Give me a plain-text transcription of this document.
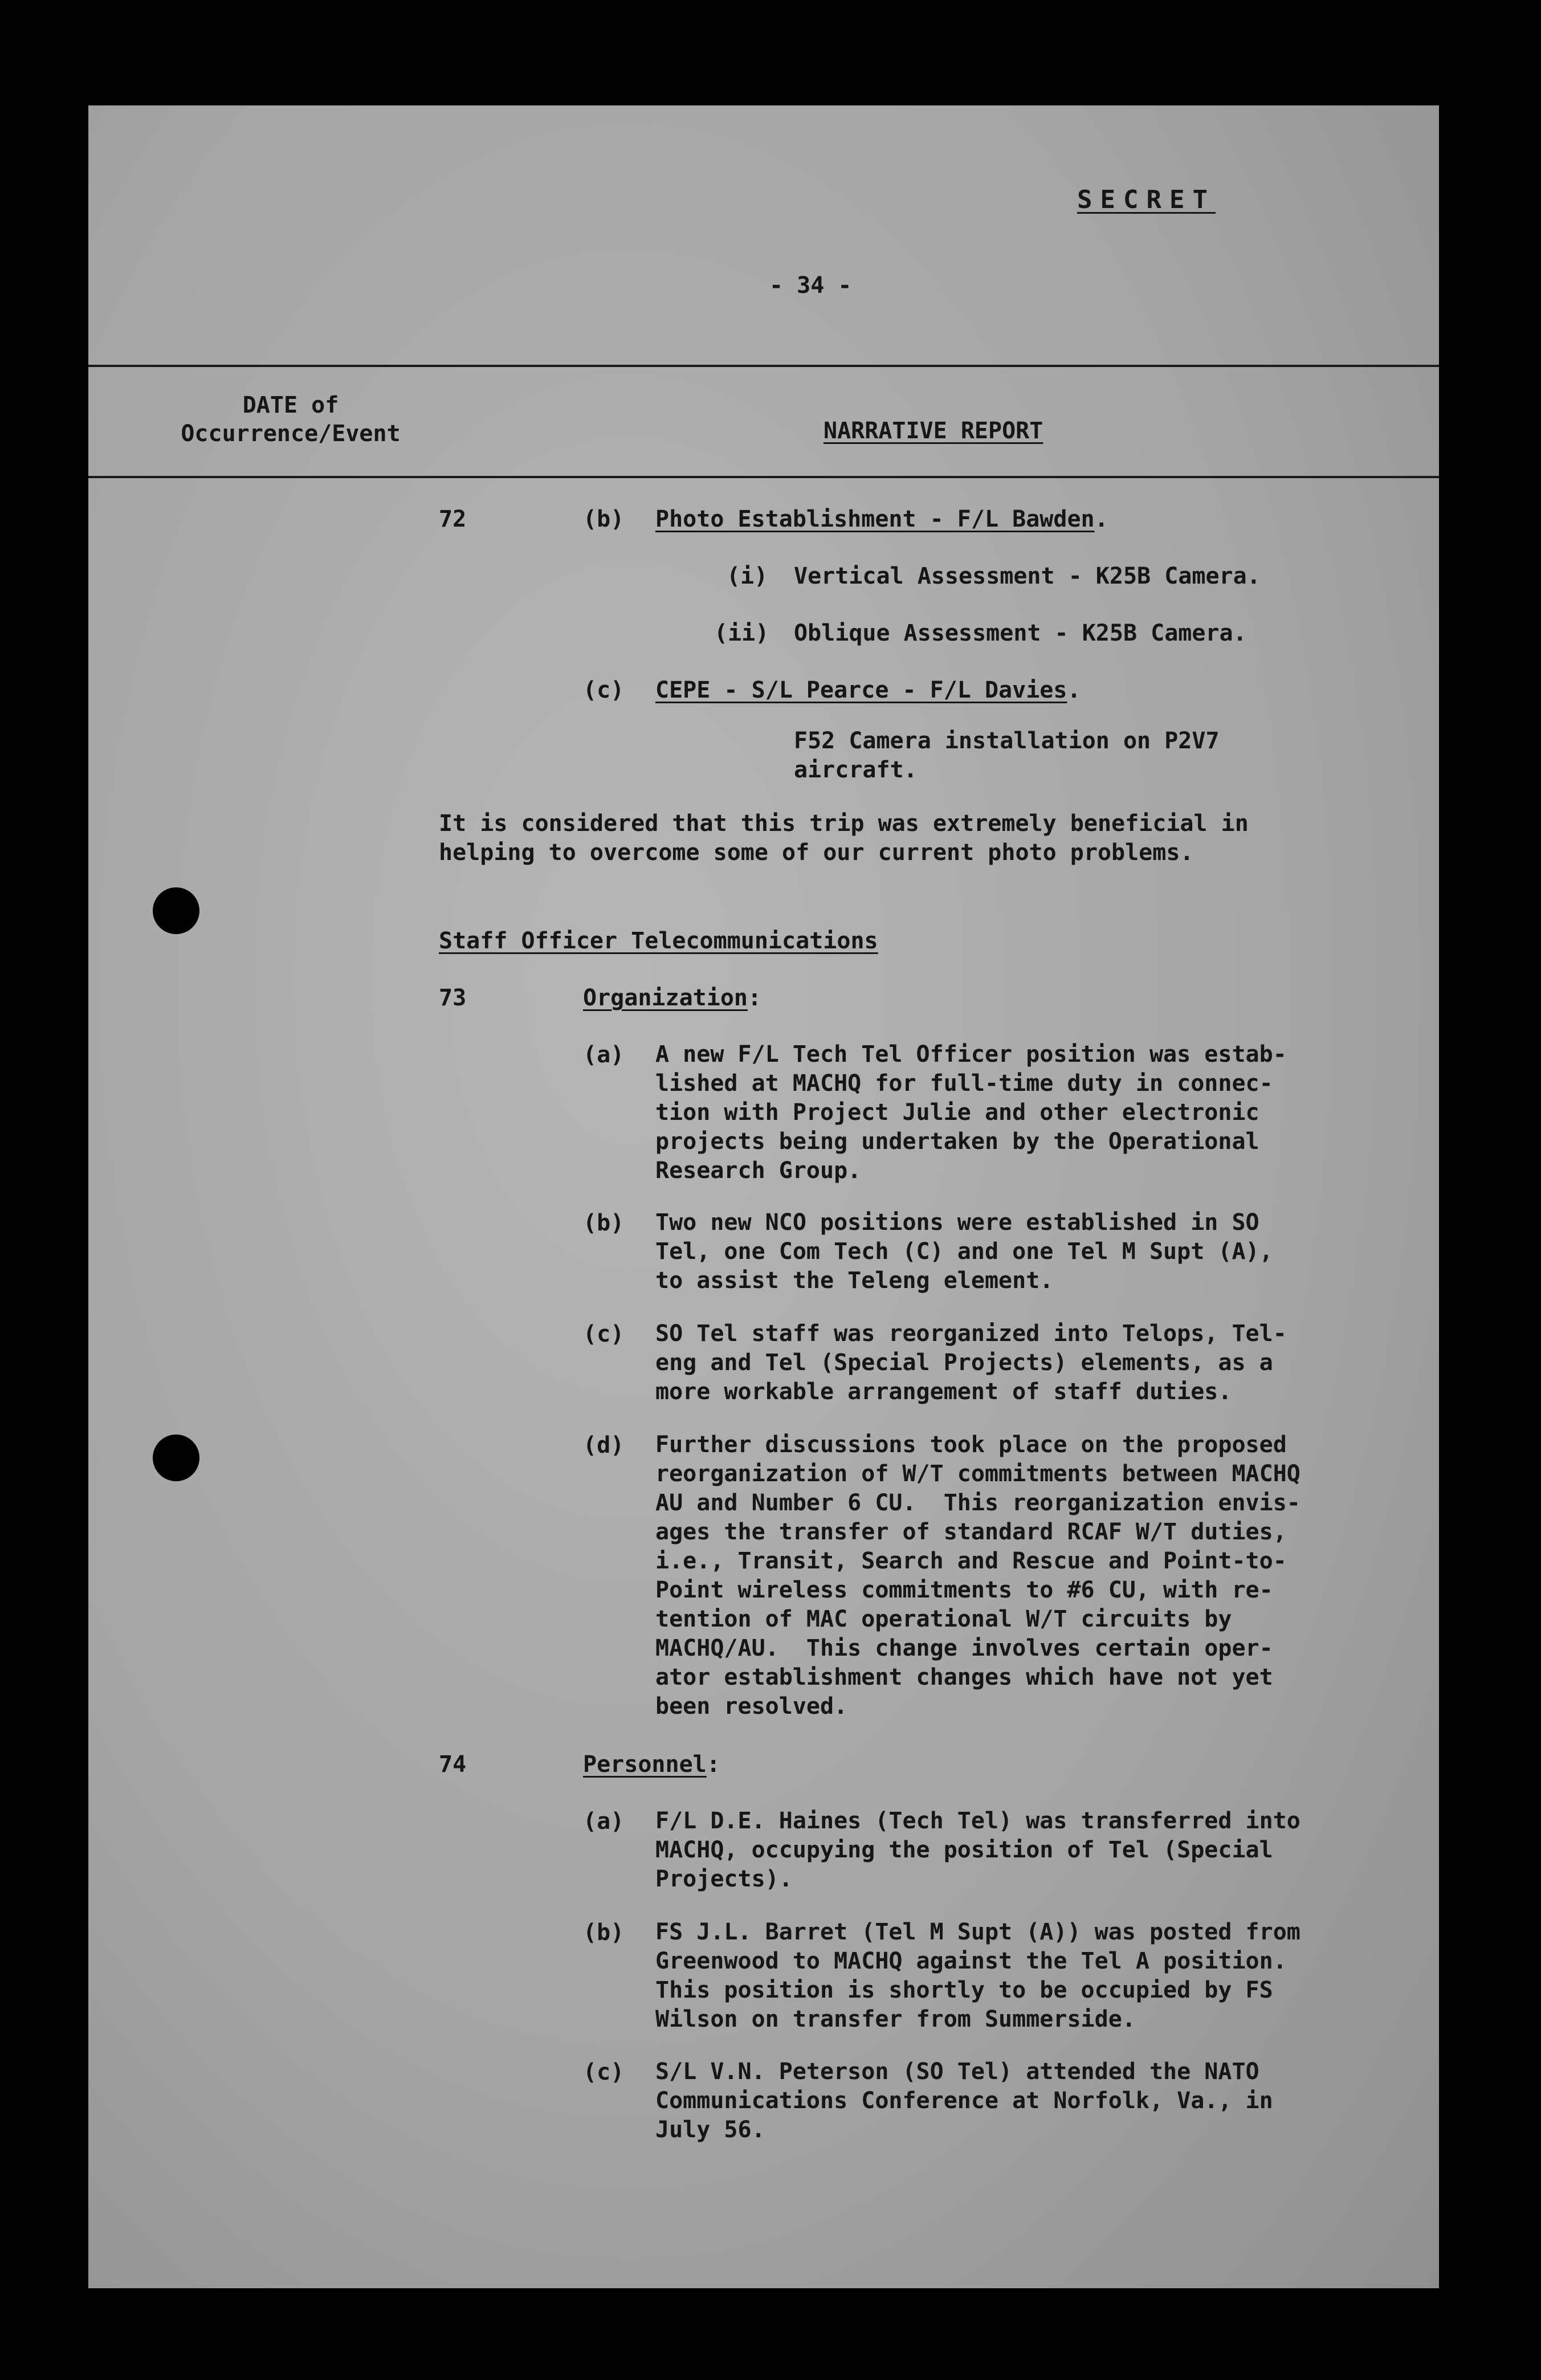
SECRET
- 34 -
DATE of
Occurrence/Event	NARRATIVE REPORT
72	(b) Photo Establishment - F/L Bawden.
(i) Vertical Assessment - K25B Camera.
(ii) Oblique Assessment - K25B Camera.
(c) CEPE - S/L Pearce - F/L Davies.
F52 Camera installation on P2V7
aircraft.
It is considered that this trip was extremely beneficial in
helping to overcome some of our current photo problems.
Staff Officer Telecommunications
73	Organization:
(a) A new F/L Tech Tel Officer position was estab-
lished at MACHQ for full-time duty in connec-
tion with Project Julie and other electronic
projects being undertaken by the Operational
Research Group.
(b) Two new NCO positions were established in SO
Tel, one Com Tech (C) and one Tel M Supt (A),
to assist the Teleng element.
(c) SO Tel staff was reorganized into Telops, Tel-
eng and Tel (Special Projects) elements, as a
more workable arrangement of staff duties.
(d) Further discussions took place on the proposed
reorganization of W/T commitments between MACHQ
AU and Number 6 CU.  This reorganization envis-
ages the transfer of standard RCAF W/T duties,
i.e., Transit, Search and Rescue and Point-to-
Point wireless commitments to #6 CU, with re-
tention of MAC operational W/T circuits by
MACHQ/AU.  This change involves certain oper-
ator establishment changes which have not yet
been resolved.
74	Personnel:
(a) F/L D.E. Haines (Tech Tel) was transferred into
MACHQ, occupying the position of Tel (Special
Projects).
(b) FS J.L. Barret (Tel M Supt (A)) was posted from
Greenwood to MACHQ against the Tel A position.
This position is shortly to be occupied by FS
Wilson on transfer from Summerside.
(c) S/L V.N. Peterson (SO Tel) attended the NATO
Communications Conference at Norfolk, Va., in
July 56.
